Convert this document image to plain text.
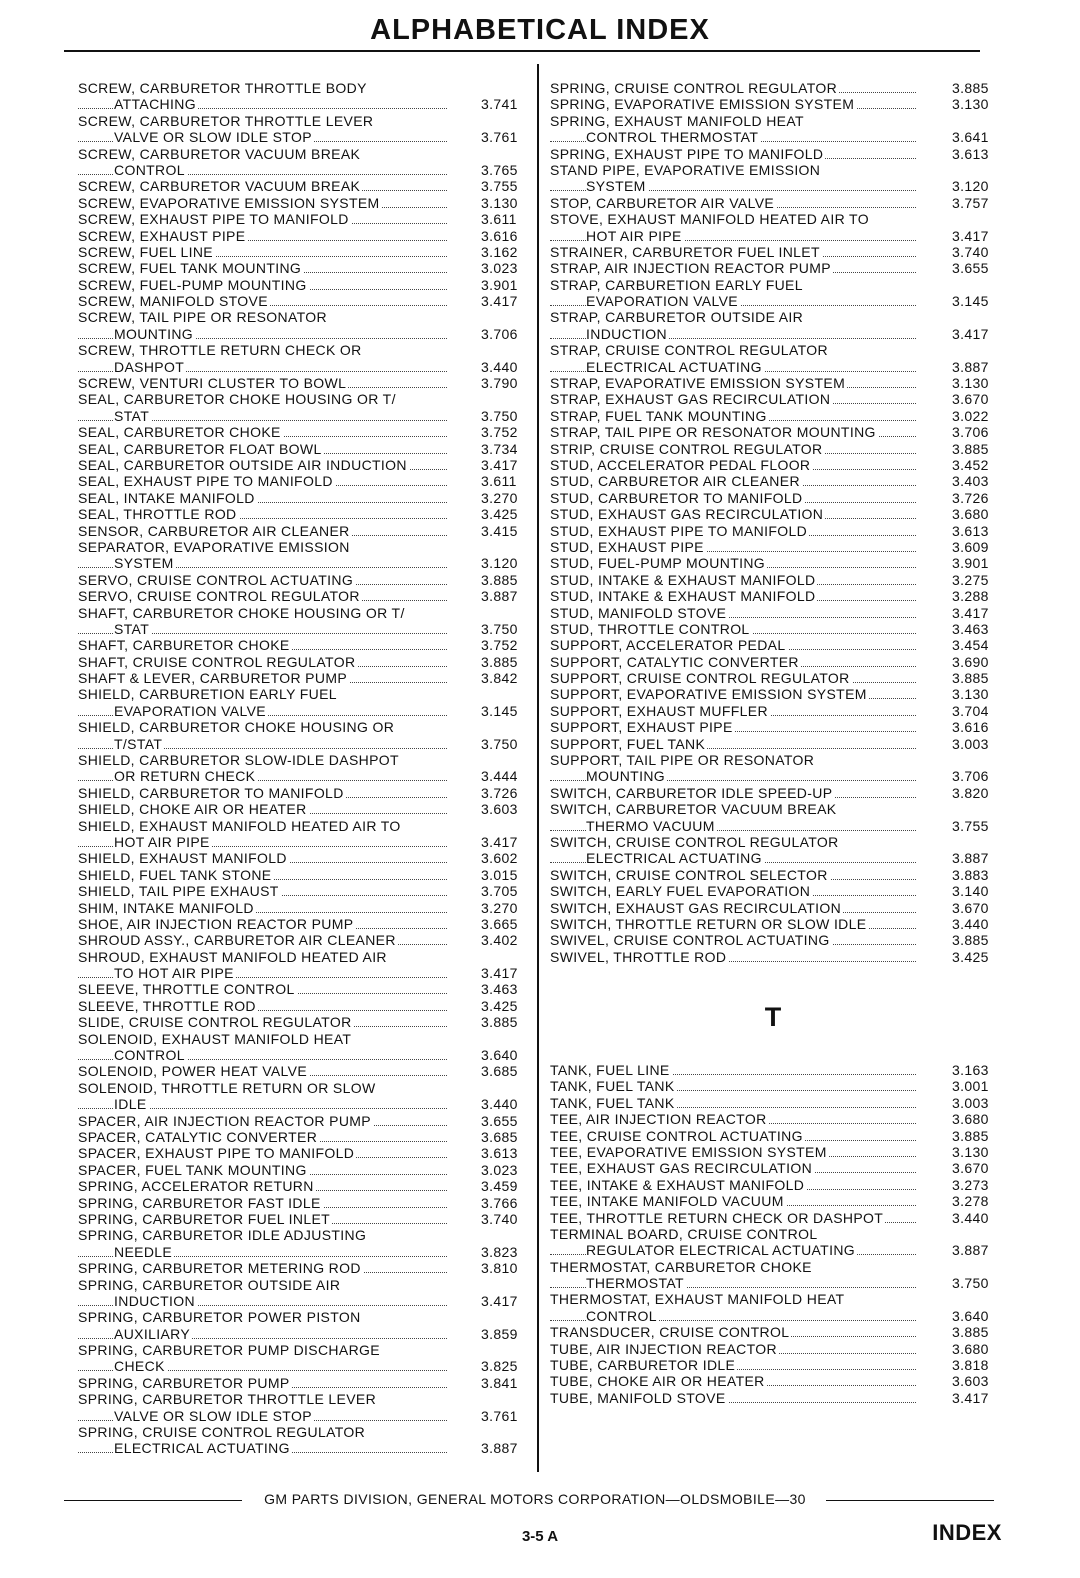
ALPHABETICAL INDEX
SCREW, CARBURETOR THROTTLE BODY
ATTACHING	3.741
SCREW, CARBURETOR THROTTLE LEVER
VALVE OR SLOW IDLE STOP	3.761
SCREW, CARBURETOR VACUUM BREAK
CONTROL	3.765
SCREW, CARBURETOR VACUUM BREAK	3.755
SCREW, EVAPORATIVE EMISSION SYSTEM	3.130
SCREW, EXHAUST PIPE TO MANIFOLD	3.611
SCREW, EXHAUST PIPE	3.616
SCREW, FUEL LINE	3.162
SCREW, FUEL TANK MOUNTING	3.023
SCREW, FUEL-PUMP MOUNTING	3.901
SCREW, MANIFOLD STOVE	3.417
SCREW, TAIL PIPE OR RESONATOR
MOUNTING	3.706
SCREW, THROTTLE RETURN CHECK OR
DASHPOT	3.440
SCREW, VENTURI CLUSTER TO BOWL	3.790
SEAL, CARBURETOR CHOKE HOUSING OR T/
STAT	3.750
SEAL, CARBURETOR CHOKE	3.752
SEAL, CARBURETOR FLOAT BOWL	3.734
SEAL, CARBURETOR OUTSIDE AIR INDUCTION	3.417
SEAL, EXHAUST PIPE TO MANIFOLD	3.611
SEAL, INTAKE MANIFOLD	3.270
SEAL, THROTTLE ROD	3.425
SENSOR, CARBURETOR AIR CLEANER	3.415
SEPARATOR, EVAPORATIVE EMISSION
SYSTEM	3.120
SERVO, CRUISE CONTROL ACTUATING	3.885
SERVO, CRUISE CONTROL REGULATOR	3.887
SHAFT, CARBURETOR CHOKE HOUSING OR T/
STAT	3.750
SHAFT, CARBURETOR CHOKE	3.752
SHAFT, CRUISE CONTROL REGULATOR	3.885
SHAFT & LEVER, CARBURETOR PUMP	3.842
SHIELD, CARBURETION EARLY FUEL
EVAPORATION VALVE	3.145
SHIELD, CARBURETOR CHOKE HOUSING OR
T/STAT	3.750
SHIELD, CARBURETOR SLOW-IDLE DASHPOT
OR RETURN CHECK	3.444
SHIELD, CARBURETOR TO MANIFOLD	3.726
SHIELD, CHOKE AIR OR HEATER	3.603
SHIELD, EXHAUST MANIFOLD HEATED AIR TO
HOT AIR PIPE	3.417
SHIELD, EXHAUST MANIFOLD	3.602
SHIELD, FUEL TANK STONE	3.015
SHIELD, TAIL PIPE EXHAUST	3.705
SHIM, INTAKE MANIFOLD	3.270
SHOE, AIR INJECTION REACTOR PUMP	3.665
SHROUD ASSY., CARBURETOR AIR CLEANER	3.402
SHROUD, EXHAUST MANIFOLD HEATED AIR
TO HOT AIR PIPE	3.417
SLEEVE, THROTTLE CONTROL	3.463
SLEEVE, THROTTLE ROD	3.425
SLIDE, CRUISE CONTROL REGULATOR	3.885
SOLENOID, EXHAUST MANIFOLD HEAT
CONTROL	3.640
SOLENOID, POWER HEAT VALVE	3.685
SOLENOID, THROTTLE RETURN OR SLOW
IDLE	3.440
SPACER, AIR INJECTION REACTOR PUMP	3.655
SPACER, CATALYTIC CONVERTER	3.685
SPACER, EXHAUST PIPE TO MANIFOLD	3.613
SPACER, FUEL TANK MOUNTING	3.023
SPRING, ACCELERATOR RETURN	3.459
SPRING, CARBURETOR FAST IDLE	3.766
SPRING, CARBURETOR FUEL INLET	3.740
SPRING, CARBURETOR IDLE ADJUSTING
NEEDLE	3.823
SPRING, CARBURETOR METERING ROD	3.810
SPRING, CARBURETOR OUTSIDE AIR
INDUCTION	3.417
SPRING, CARBURETOR POWER PISTON
AUXILIARY	3.859
SPRING, CARBURETOR PUMP DISCHARGE
CHECK	3.825
SPRING, CARBURETOR PUMP	3.841
SPRING, CARBURETOR THROTTLE LEVER
VALVE OR SLOW IDLE STOP	3.761
SPRING, CRUISE CONTROL REGULATOR
ELECTRICAL ACTUATING	3.887
SPRING, CRUISE CONTROL REGULATOR	3.885
SPRING, EVAPORATIVE EMISSION SYSTEM	3.130
SPRING, EXHAUST MANIFOLD HEAT
CONTROL THERMOSTAT	3.641
SPRING, EXHAUST PIPE TO MANIFOLD	3.613
STAND PIPE, EVAPORATIVE EMISSION
SYSTEM	3.120
STOP, CARBURETOR AIR VALVE	3.757
STOVE, EXHAUST MANIFOLD HEATED AIR TO
HOT AIR PIPE	3.417
STRAINER, CARBURETOR FUEL INLET	3.740
STRAP, AIR INJECTION REACTOR PUMP	3.655
STRAP, CARBURETION EARLY FUEL
EVAPORATION VALVE	3.145
STRAP, CARBURETOR OUTSIDE AIR
INDUCTION	3.417
STRAP, CRUISE CONTROL REGULATOR
ELECTRICAL ACTUATING	3.887
STRAP, EVAPORATIVE EMISSION SYSTEM	3.130
STRAP, EXHAUST GAS RECIRCULATION	3.670
STRAP, FUEL TANK MOUNTING	3.022
STRAP, TAIL PIPE OR RESONATOR MOUNTING	3.706
STRIP, CRUISE CONTROL REGULATOR	3.885
STUD, ACCELERATOR PEDAL FLOOR	3.452
STUD, CARBURETOR AIR CLEANER	3.403
STUD, CARBURETOR TO MANIFOLD	3.726
STUD, EXHAUST GAS RECIRCULATION	3.680
STUD, EXHAUST PIPE TO MANIFOLD	3.613
STUD, EXHAUST PIPE	3.609
STUD, FUEL-PUMP MOUNTING	3.901
STUD, INTAKE & EXHAUST MANIFOLD	3.275
STUD, INTAKE & EXHAUST MANIFOLD	3.288
STUD, MANIFOLD STOVE	3.417
STUD, THROTTLE CONTROL	3.463
SUPPORT, ACCELERATOR PEDAL	3.454
SUPPORT, CATALYTIC CONVERTER	3.690
SUPPORT, CRUISE CONTROL REGULATOR	3.885
SUPPORT, EVAPORATIVE EMISSION SYSTEM	3.130
SUPPORT, EXHAUST MUFFLER	3.704
SUPPORT, EXHAUST PIPE	3.616
SUPPORT, FUEL TANK	3.003
SUPPORT, TAIL PIPE OR RESONATOR
MOUNTING	3.706
SWITCH, CARBURETOR IDLE SPEED-UP	3.820
SWITCH, CARBURETOR VACUUM BREAK
THERMO VACUUM	3.755
SWITCH, CRUISE CONTROL REGULATOR
ELECTRICAL ACTUATING	3.887
SWITCH, CRUISE CONTROL SELECTOR	3.883
SWITCH, EARLY FUEL EVAPORATION	3.140
SWITCH, EXHAUST GAS RECIRCULATION	3.670
SWITCH, THROTTLE RETURN OR SLOW IDLE	3.440
SWIVEL, CRUISE CONTROL ACTUATING	3.885
SWIVEL, THROTTLE ROD	3.425
T
TANK, FUEL LINE	3.163
TANK, FUEL TANK	3.001
TANK, FUEL TANK	3.003
TEE, AIR INJECTION REACTOR	3.680
TEE, CRUISE CONTROL ACTUATING	3.885
TEE, EVAPORATIVE EMISSION SYSTEM	3.130
TEE, EXHAUST GAS RECIRCULATION	3.670
TEE, INTAKE & EXHAUST MANIFOLD	3.273
TEE, INTAKE MANIFOLD VACUUM	3.278
TEE, THROTTLE RETURN CHECK OR DASHPOT	3.440
TERMINAL BOARD, CRUISE CONTROL
REGULATOR ELECTRICAL ACTUATING	3.887
THERMOSTAT, CARBURETOR CHOKE
THERMOSTAT	3.750
THERMOSTAT, EXHAUST MANIFOLD HEAT
CONTROL	3.640
TRANSDUCER, CRUISE CONTROL	3.885
TUBE, AIR INJECTION REACTOR	3.680
TUBE, CARBURETOR IDLE	3.818
TUBE, CHOKE AIR OR HEATER	3.603
TUBE, MANIFOLD STOVE	3.417
GM PARTS DIVISION, GENERAL MOTORS CORPORATION—OLDSMOBILE—30
3-5 A	INDEX
